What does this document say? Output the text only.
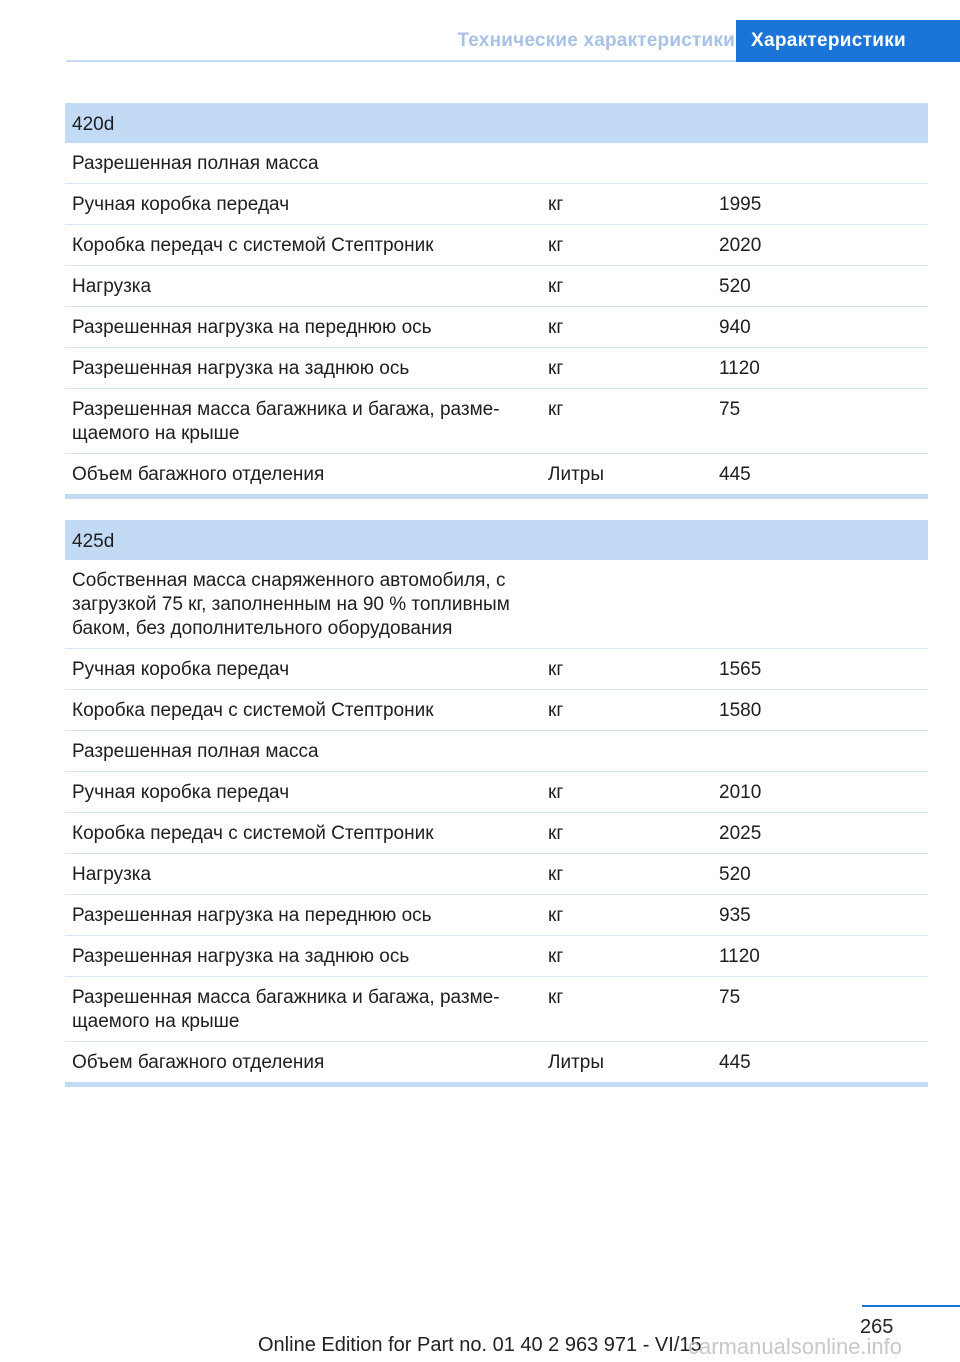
Технические характеристики Характеристики
420d
Разрешенная полная масса
Ручная коробка передач	кг	1995
Коробка передач с системой Стептроник	кг	2020
Нагрузка	кг	520
Разрешенная нагрузка на переднюю ось	кг	940
Разрешенная нагрузка на заднюю ось	кг	1120
Разрешенная масса багажника и багажа, разме-
щаемого на крыше
кг	75
Объем багажного отделения	Литры	445
425d
Собственная масса снаряженного автомобиля, с
загрузкой 75 кг, заполненным на 90 % топливным
баком, без дополнительного оборудования
Ручная коробка передач	кг	1565
Коробка передач с системой Стептроник	кг	1580
Разрешенная полная масса
Ручная коробка передач	кг	2010
Коробка передач с системой Стептроник	кг	2025
Нагрузка	кг	520
Разрешенная нагрузка на переднюю ось	кг	935
Разрешенная нагрузка на заднюю ось	кг	1120
Разрешенная масса багажника и багажа, разме-
щаемого на крыше
кг	75
Объем багажного отделения	Литры	445
265
Online Edition for Part no. 01 40 2 963 971 - VI/15
carmanualsonline.info
